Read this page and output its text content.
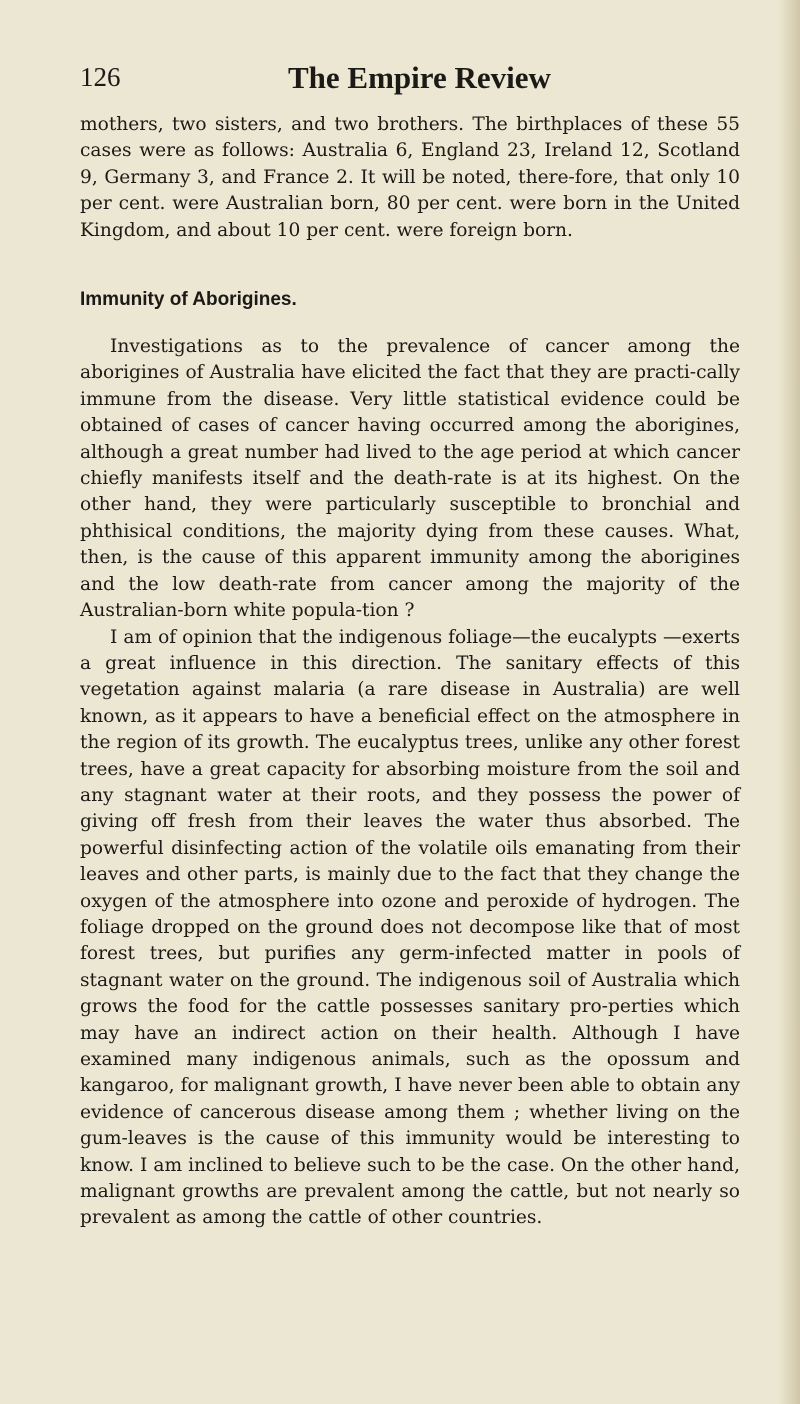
126	The Empire Review

mothers, two sisters, and two brothers. The birthplaces of these 55 cases were as follows: Australia 6, England 23, Ireland 12, Scotland 9, Germany 3, and France 2. It will be noted, there-fore, that only 10 per cent. were Australian born, 80 per cent. were born in the United Kingdom, and about 10 per cent. were foreign born.

Immunity of Aborigines.

Investigations as to the prevalence of cancer among the aborigines of Australia have elicited the fact that they are practi-cally immune from the disease. Very little statistical evidence could be obtained of cases of cancer having occurred among the aborigines, although a great number had lived to the age period at which cancer chiefly manifests itself and the death-rate is at its highest. On the other hand, they were particularly susceptible to bronchial and phthisical conditions, the majority dying from these causes. What, then, is the cause of this apparent immunity among the aborigines and the low death-rate from cancer among the majority of the Australian-born white popula-tion ?

I am of opinion that the indigenous foliage—the eucalypts —exerts a great influence in this direction. The sanitary effects of this vegetation against malaria (a rare disease in Australia) are well known, as it appears to have a beneficial effect on the atmosphere in the region of its growth. The eucalyptus trees, unlike any other forest trees, have a great capacity for absorbing moisture from the soil and any stagnant water at their roots, and they possess the power of giving off fresh from their leaves the water thus absorbed. The powerful disinfecting action of the volatile oils emanating from their leaves and other parts, is mainly due to the fact that they change the oxygen of the atmosphere into ozone and peroxide of hydrogen. The foliage dropped on the ground does not decompose like that of most forest trees, but purifies any germ-infected matter in pools of stagnant water on the ground. The indigenous soil of Australia which grows the food for the cattle possesses sanitary pro-perties which may have an indirect action on their health. Although I have examined many indigenous animals, such as the opossum and kangaroo, for malignant growth, I have never been able to obtain any evidence of cancerous disease among them ; whether living on the gum-leaves is the cause of this immunity would be interesting to know. I am inclined to believe such to be the case. On the other hand, malignant growths are prevalent among the cattle, but not nearly so prevalent as among the cattle of other countries.
